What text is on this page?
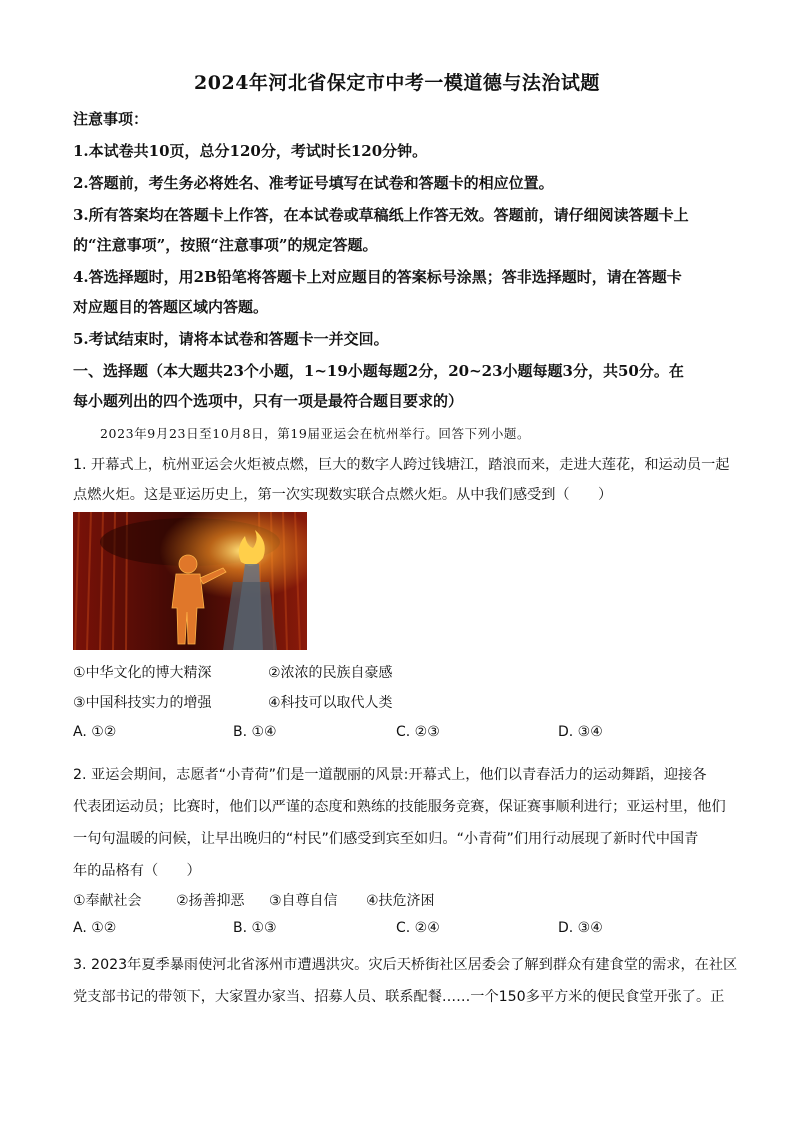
2024年河北省保定市中考一模道德与法治试题
注意事项：
1.本试卷共10页，总分120分，考试时长120分钟。
2.答题前，考生务必将姓名、准考证号填写在试卷和答题卡的相应位置。
3.所有答案均在答题卡上作答，在本试卷或草稿纸上作答无效。答题前，请仔细阅读答题卡上
的“注意事项”，按照“注意事项”的规定答题。
4.答选择题时，用2B铅笔将答题卡上对应题目的答案标号涂黑；答非选择题时，请在答题卡
对应题目的答题区域内答题。
5.考试结束时，请将本试卷和答题卡一并交回。
一、选择题（本大题共23个小题，1~19小题每题2分，20~23小题每题3分，共50分。在
每小题列出的四个选项中，只有一项是最符合题目要求的）
2023年9月23日至10月8日，第19届亚运会在杭州举行。回答下列小题。
1. 开幕式上，杭州亚运会火炬被点燃，巨大的数字人跨过钱塘江，踏浪而来，走进大莲花，和运动员一起
点燃火炬。这是亚运历史上，第一次实现数实联合点燃火炬。从中我们感受到（　　）
①中华文化的博大精深	②浓浓的民族自豪感
③中国科技实力的增强	④科技可以取代人类
A. ①②	B. ①④	C. ②③	D. ③④
2. 亚运会期间，志愿者“小青荷”们是一道靓丽的风景:开幕式上，他们以青春活力的运动舞蹈，迎接各
代表团运动员；比赛时，他们以严谨的态度和熟练的技能服务竞赛，保证赛事顺利进行；亚运村里，他们
一句句温暖的问候，让早出晚归的“村民”们感受到宾至如归。“小青荷”们用行动展现了新时代中国青
年的品格有（　　）
①奉献社会 ②扬善抑恶 ③自尊自信 ④扶危济困
A. ①②	B. ①③	C. ②④	D. ③④
3. 2023年夏季暴雨使河北省涿州市遭遇洪灾。灾后天桥街社区居委会了解到群众有建食堂的需求，在社区
党支部书记的带领下，大家置办家当、招募人员、联系配餐……一个150多平方米的便民食堂开张了。正
